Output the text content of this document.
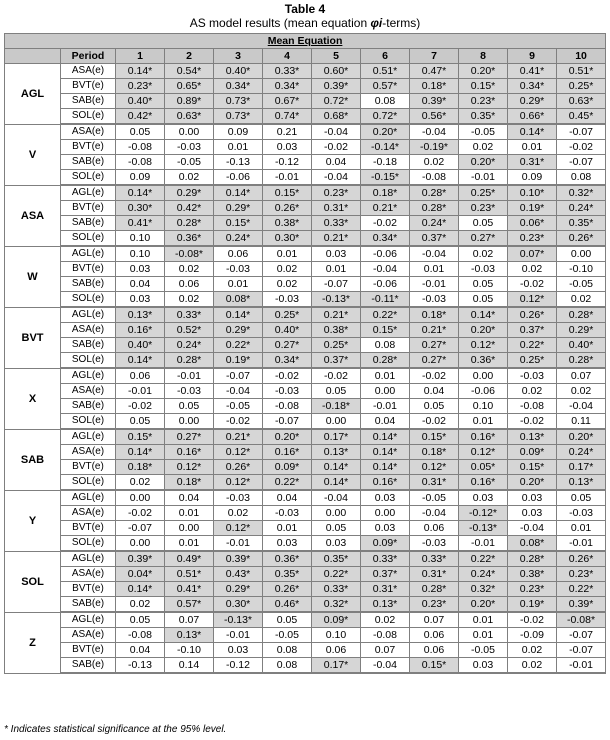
Table 4
AS model results (mean equation φi-terms)
Mean Equation											
	Period	1	2	3	4	5	6	7	8	9	10
AGL	ASA(e)	0.14*	0.54*	0.40*	0.33*	0.60*	0.51*	0.47*	0.20*	0.41*	0.51*
	BVT(e)	0.23*	0.65*	0.34*	0.34*	0.39*	0.57*	0.18*	0.15*	0.34*	0.25*
	SAB(e)	0.40*	0.89*	0.73*	0.67*	0.72*	0.08	0.39*	0.23*	0.29*	0.63*
	SOL(e)	0.42*	0.63*	0.73*	0.74*	0.68*	0.72*	0.56*	0.35*	0.66*	0.45*
V	ASA(e)	0.05	0.00	0.09	0.21	-0.04	0.20*	-0.04	-0.05	0.14*	-0.07
	BVT(e)	-0.08	-0.03	0.01	0.03	-0.02	-0.14*	-0.19*	0.02	0.01	-0.02
	SAB(e)	-0.08	-0.05	-0.13	-0.12	0.04	-0.18	0.02	0.20*	0.31*	-0.07
	SOL(e)	0.09	0.02	-0.06	-0.01	-0.04	-0.15*	-0.08	-0.01	0.09	0.08
ASA	AGL(e)	0.14*	0.29*	0.14*	0.15*	0.23*	0.18*	0.28*	0.25*	0.10*	0.32*
	BVT(e)	0.30*	0.42*	0.29*	0.26*	0.31*	0.21*	0.28*	0.23*	0.19*	0.24*
	SAB(e)	0.41*	0.28*	0.15*	0.38*	0.33*	-0.02	0.24*	0.05	0.06*	0.35*
	SOL(e)	0.10	0.36*	0.24*	0.30*	0.21*	0.34*	0.37*	0.27*	0.23*	0.26*
W	AGL(e)	0.10	-0.08*	0.06	0.01	0.03	-0.06	-0.04	0.02	0.07*	0.00
	BVT(e)	0.03	0.02	-0.03	0.02	0.01	-0.04	0.01	-0.03	0.02	-0.10
	SAB(e)	0.04	0.06	0.01	0.02	-0.07	-0.06	-0.01	0.05	-0.02	-0.05
	SOL(e)	0.03	0.02	0.08*	-0.03	-0.13*	-0.11*	-0.03	0.05	0.12*	0.02
BVT	AGL(e)	0.13*	0.33*	0.14*	0.25*	0.21*	0.22*	0.18*	0.14*	0.26*	0.28*
	ASA(e)	0.16*	0.52*	0.29*	0.40*	0.38*	0.15*	0.21*	0.20*	0.37*	0.29*
	SAB(e)	0.40*	0.24*	0.22*	0.27*	0.25*	0.08	0.27*	0.12*	0.22*	0.40*
	SOL(e)	0.14*	0.28*	0.19*	0.34*	0.37*	0.28*	0.27*	0.36*	0.25*	0.28*
X	AGL(e)	0.06	-0.01	-0.07	-0.02	-0.02	0.01	-0.02	0.00	-0.03	0.07
	ASA(e)	-0.01	-0.03	-0.04	-0.03	0.05	0.00	0.04	-0.06	0.02	0.02
	SAB(e)	-0.02	0.05	-0.05	-0.08	-0.18*	-0.01	0.05	0.10	-0.08	-0.04
	SOL(e)	0.05	0.00	-0.02	-0.07	0.00	0.04	-0.02	0.01	-0.02	0.11
SAB	AGL(e)	0.15*	0.27*	0.21*	0.20*	0.17*	0.14*	0.15*	0.16*	0.13*	0.20*
	ASA(e)	0.14*	0.16*	0.12*	0.16*	0.13*	0.14*	0.18*	0.12*	0.09*	0.24*
	BVT(e)	0.18*	0.12*	0.26*	0.09*	0.14*	0.14*	0.12*	0.05*	0.15*	0.17*
	SOL(e)	0.02	0.18*	0.12*	0.22*	0.14*	0.16*	0.31*	0.16*	0.20*	0.13*
Y	AGL(e)	0.00	0.04	-0.03	0.04	-0.04	0.03	-0.05	0.03	0.03	0.05
	ASA(e)	-0.02	0.01	0.02	-0.03	0.00	0.00	-0.04	-0.12*	0.03	-0.03
	BVT(e)	-0.07	0.00	0.12*	0.01	0.05	0.03	0.06	-0.13*	-0.04	0.01
	SOL(e)	0.00	0.01	-0.01	0.03	0.03	0.09*	-0.03	-0.01	0.08*	-0.01
SOL	AGL(e)	0.39*	0.49*	0.39*	0.36*	0.35*	0.33*	0.33*	0.22*	0.28*	0.26*
	ASA(e)	0.04*	0.51*	0.43*	0.35*	0.22*	0.37*	0.31*	0.24*	0.38*	0.23*
	BVT(e)	0.14*	0.41*	0.29*	0.26*	0.33*	0.31*	0.28*	0.32*	0.23*	0.22*
	SAB(e)	0.02	0.57*	0.30*	0.46*	0.32*	0.13*	0.23*	0.20*	0.19*	0.39*
Z	AGL(e)	0.05	0.07	-0.13*	0.05	0.09*	0.02	0.07	0.01	-0.02	-0.08*
	ASA(e)	-0.08	0.13*	-0.01	-0.05	0.10	-0.08	0.06	0.01	-0.09	-0.07
	BVT(e)	0.04	-0.10	0.03	0.08	0.06	0.07	0.06	-0.05	0.02	-0.07
	SAB(e)	-0.13	0.14	-0.12	0.08	0.17*	-0.04	0.15*	0.03	0.02	-0.01
* Indicates statistical significance at the 95% level.
